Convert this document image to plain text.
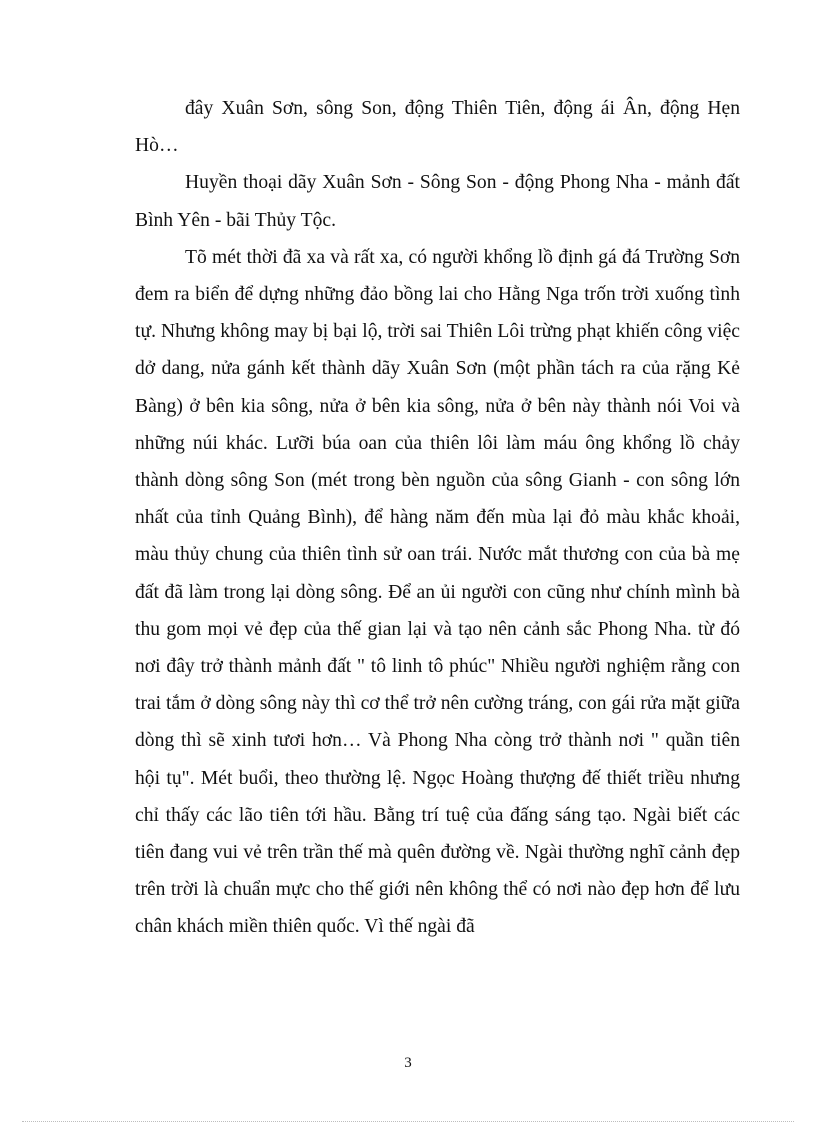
đây Xuân Sơn, sông Son, động Thiên Tiên, động ái Ân, động Hẹn Hò…

Huyền thoại dãy Xuân Sơn - Sông Son - động Phong Nha - mảnh đất Bình Yên - bãi Thủy Tộc.

Tõ mét thời đã xa và rất xa, có người khổng lồ định gá đá Trường Sơn đem ra biển để dựng những đảo bồng lai cho Hằng Nga trốn trời xuống tình tự. Nhưng không may bị bại lộ, trời sai Thiên Lôi trừng phạt khiến công việc dở dang, nửa gánh kết thành dãy Xuân Sơn (một phần tách ra của rặng Kẻ Bàng) ở bên kia sông, nửa ở bên kia sông, nửa ở bên này thành nói Voi và những núi khác. Lưỡi búa oan của thiên lôi làm máu ông khổng lồ chảy thành dòng sông Son (mét trong bèn nguồn của sông Gianh - con sông lớn nhất của tỉnh Quảng Bình), để hàng năm đến mùa lại đỏ màu khắc khoải, màu thủy chung của thiên tình sử oan trái. Nước mắt thương con của bà mẹ đất đã làm trong lại dòng sông. Để an ủi người con cũng như chính mình bà thu gom mọi vẻ đẹp của thế gian lại và tạo nên cảnh sắc Phong Nha. từ đó nơi đây trở thành mảnh đất " tô linh tô phúc" Nhiều người nghiệm rằng con trai tắm ở dòng sông này thì cơ thể trở nên cường tráng, con gái rửa mặt giữa dòng thì sẽ xinh tươi hơn… Và Phong Nha còng trở thành nơi " quần tiên hội tụ". Mét buổi, theo thường lệ. Ngọc Hoàng thượng đế thiết triều nhưng chỉ thấy các lão tiên tới hầu. Bằng trí tuệ của đấng sáng tạo. Ngài biết các tiên đang vui vẻ trên trần thế mà quên đường về. Ngài thường nghĩ cảnh đẹp trên trời là chuẩn mực cho thế giới nên không thể có nơi nào đẹp hơn để lưu chân khách miền thiên quốc. Vì thế ngài đã

3
